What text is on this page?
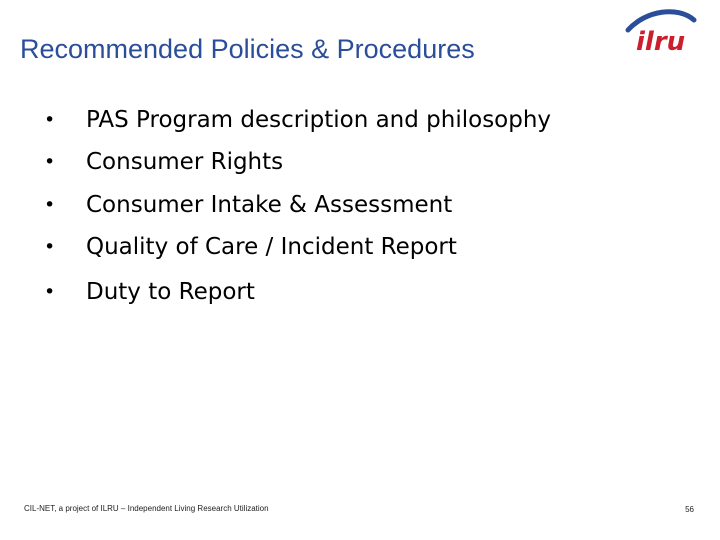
Recommended Policies & Procedures	ilru
• PAS Program description and philosophy
• Consumer Rights
• Consumer Intake & Assessment
• Quality of Care / Incident Report
• Duty to Report
CIL-NET, a project of ILRU – Independent Living Research Utilization	56
